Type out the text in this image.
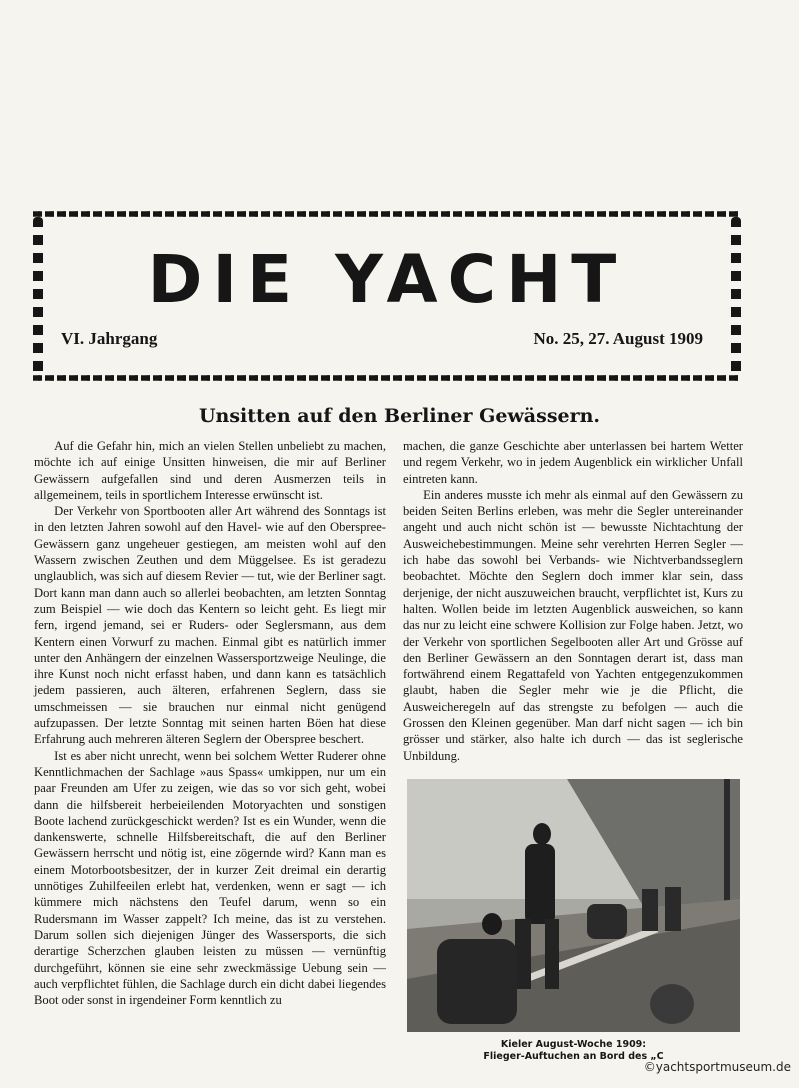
DIE YACHT
VI. Jahrgang	No. 25, 27. August 1909
Unsitten auf den Berliner Gewässern.

Auf die Gefahr hin, mich an vielen Stellen unbeliebt zu machen, möchte ich auf einige Unsitten hinweisen, die mir auf Berliner Gewässern aufgefallen sind und deren Ausmerzen teils in allgemeinem, teils in sportlichem Interesse erwünscht ist.

Der Verkehr von Sportbooten aller Art während des Sonntags ist in den letzten Jahren sowohl auf den Havel- wie auf den Oberspree-Gewässern ganz ungeheuer gestiegen, am meisten wohl auf den Wassern zwischen Zeuthen und dem Müggelsee. Es ist geradezu unglaublich, was sich auf diesem Revier — tut, wie der Berliner sagt. Dort kann man dann auch so allerlei beobachten, am letzten Sonntag zum Beispiel — wie doch das Kentern so leicht geht. Es liegt mir fern, irgend jemand, sei er Ruders- oder Seglersmann, aus dem Kentern einen Vorwurf zu machen. Einmal gibt es natürlich immer unter den Anhängern der einzelnen Wassersportzweige Neulinge, die ihre Kunst noch nicht erfasst haben, und dann kann es tatsächlich jedem passieren, auch älteren, erfahrenen Seglern, dass sie umschmeissen — sie brauchen nur einmal nicht genügend aufzupassen. Der letzte Sonntag mit seinen harten Böen hat diese Erfahrung auch mehreren älteren Seglern der Oberspree beschert.

Ist es aber nicht unrecht, wenn bei solchem Wetter Ruderer ohne Kenntlichmachen der Sachlage »aus Spass« umkippen, nur um ein paar Freunden am Ufer zu zeigen, wie das so vor sich geht, wobei dann die hilfsbereit herbeieilenden Motoryachten und sonstigen Boote lachend zurückgeschickt werden? Ist es ein Wunder, wenn die dankenswerte, schnelle Hilfsbereitschaft, die auf den Berliner Gewässern herrscht und nötig ist, eine zögernde wird? Kann man es einem Motorbootsbesitzer, der in kurzer Zeit dreimal ein derartig unnötiges Zuhilfeeilen erlebt hat, verdenken, wenn er sagt — ich kümmere mich nächstens den Teufel darum, wenn so ein Rudersmann im Wasser zappelt? Ich meine, das ist zu verstehen. Darum sollen sich diejenigen Jünger des Wassersports, die sich derartige Scherzchen glauben leisten zu müssen — vernünftig durchgeführt, können sie eine sehr zweckmässige Uebung sein — auch verpflichtet fühlen, die Sachlage durch ein dicht dabei liegendes Boot oder sonst in irgendeiner Form kenntlich zu

machen, die ganze Geschichte aber unterlassen bei hartem Wetter und regem Verkehr, wo in jedem Augenblick ein wirklicher Unfall eintreten kann.

Ein anderes musste ich mehr als einmal auf den Gewässern zu beiden Seiten Berlins erleben, was mehr die Segler untereinander angeht und auch nicht schön ist — bewusste Nichtachtung der Ausweichebestimmungen. Meine sehr verehrten Herren Segler — ich habe das sowohl bei Verbands- wie Nichtverbandsseglern beobachtet. Möchte den Seglern doch immer klar sein, dass derjenige, der nicht auszuweichen braucht, verpflichtet ist, Kurs zu halten. Wollen beide im letzten Augenblick ausweichen, so kann das nur zu leicht eine schwere Kollision zur Folge haben. Jetzt, wo der Verkehr von sportlichen Segelbooten aller Art und Grösse auf den Berliner Gewässern an den Sonntagen derart ist, dass man fortwährend einem Regattafeld von Yachten entgegenzukommen glaubt, haben die Segler mehr wie je die Pflicht, die Ausweicheregeln auf das strengste zu befolgen — auch die Grossen den Kleinen gegenüber. Man darf nicht sagen — ich bin grösser und stärker, also halte ich durch — das ist seglerische Unbildung.

Kieler August-Woche 1909:
Flieger-Auftuchen an Bord des „C
©yachtsportmuseum.de
